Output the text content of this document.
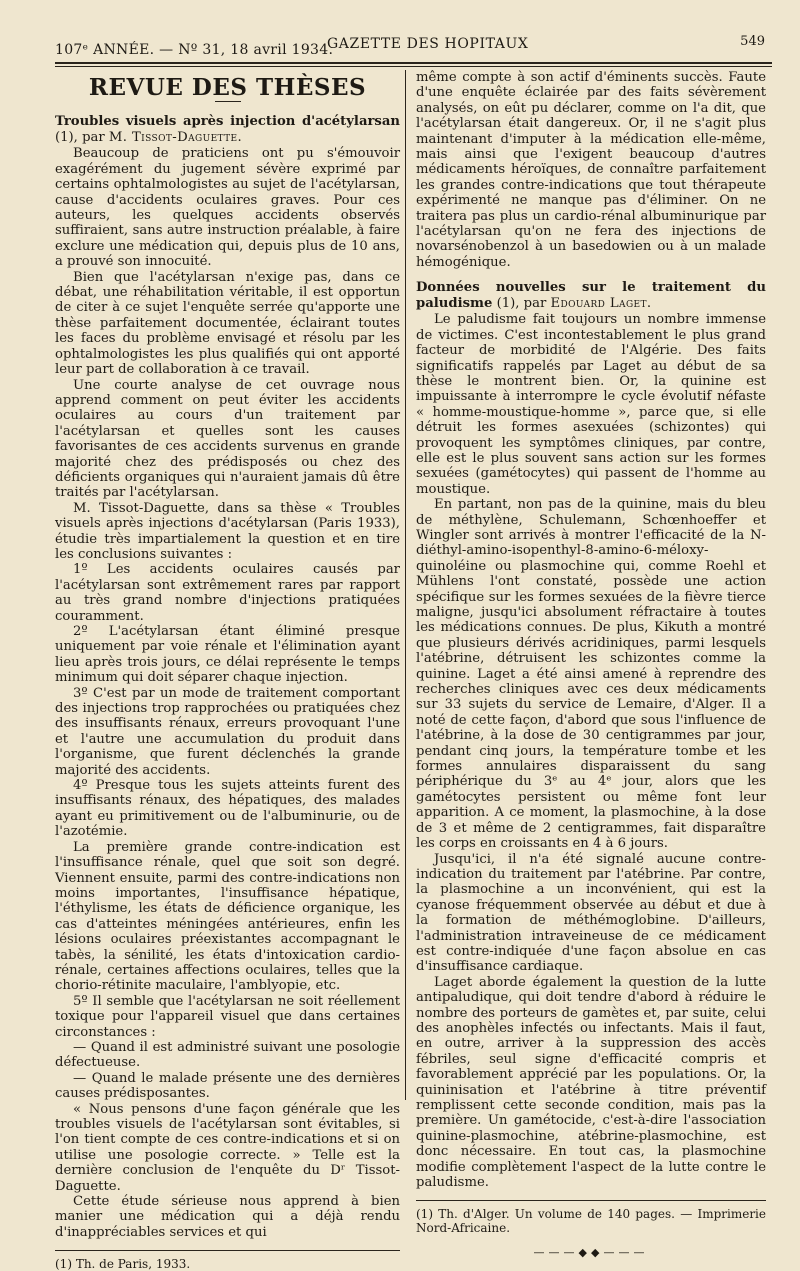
107ᵉ ANNÉE. — Nº 31, 18 avril 1934.
GAZETTE DES HOPITAUX	549
REVUE DES THÈSES

Troubles visuels après injection d'acétylarsan (1), par M. Tissot-Daguette.

Beaucoup de praticiens ont pu s'émouvoir exagérément du jugement sévère exprimé par certains ophtalmologistes au sujet de l'acétylarsan, cause d'accidents oculaires graves. Pour ces auteurs, les quelques accidents observés suffiraient, sans autre instruction préalable, à faire exclure une médication qui, depuis plus de 10 ans, a prouvé son innocuité.

Bien que l'acétylarsan n'exige pas, dans ce débat, une réhabilitation véritable, il est opportun de citer à ce sujet l'enquête serrée qu'apporte une thèse parfaitement documentée, éclairant toutes les faces du problème envisagé et résolu par les ophtalmologistes les plus qualifiés qui ont apporté leur part de collaboration à ce travail.

Une courte analyse de cet ouvrage nous apprend comment on peut éviter les accidents oculaires au cours d'un traitement par l'acétylarsan et quelles sont les causes favorisantes de ces accidents survenus en grande majorité chez des prédisposés ou chez des déficients organiques qui n'auraient jamais dû être traités par l'acétylarsan.

M. Tissot-Daguette, dans sa thèse « Troubles visuels après injections d'acétylarsan (Paris 1933), étudie très impartialement la question et en tire les conclusions suivantes :

1º Les accidents oculaires causés par l'acétylarsan sont extrêmement rares par rapport au très grand nombre d'injections pratiquées couramment.

2º L'acétylarsan étant éliminé presque uniquement par voie rénale et l'élimination ayant lieu après trois jours, ce délai représente le temps minimum qui doit séparer chaque injection.

3º C'est par un mode de traitement comportant des injections trop rapprochées ou pratiquées chez des insuffisants rénaux, erreurs provoquant l'une et l'autre une accumulation du produit dans l'organisme, que furent déclenchés la grande majorité des accidents.

4º Presque tous les sujets atteints furent des insuffisants rénaux, des hépatiques, des malades ayant eu primitivement ou de l'albuminurie, ou de l'azotémie.

La première grande contre-indication est l'insuffisance rénale, quel que soit son degré. Viennent ensuite, parmi des contre-indications non moins importantes, l'insuffisance hépatique, l'éthylisme, les états de déficience organique, les cas d'atteintes méningées antérieures, enfin les lésions oculaires préexistantes accompagnant le tabès, la sénilité, les états d'intoxication cardio-rénale, certaines affections oculaires, telles que la chorio-rétinite maculaire, l'amblyopie, etc.

5º Il semble que l'acétylarsan ne soit réellement toxique pour l'appareil visuel que dans certaines circonstances :

— Quand il est administré suivant une posologie défectueuse.

— Quand le malade présente une des dernières causes prédisposantes.

« Nous pensons d'une façon générale que les troubles visuels de l'acétylarsan sont évitables, si l'on tient compte de ces contre-indications et si on utilise une posologie correcte. » Telle est la dernière conclusion de l'enquête du Dʳ Tissot-Daguette.

Cette étude sérieuse nous apprend à bien manier une médication qui a déjà rendu d'inappréciables services et qui

(1) Th. de Paris, 1933.

même compte à son actif d'éminents succès. Faute d'une enquête éclairée par des faits sévèrement analysés, on eût pu déclarer, comme on l'a dit, que l'acétylarsan était dangereux. Or, il ne s'agit plus maintenant d'imputer à la médication elle-même, mais ainsi que l'exigent beaucoup d'autres médicaments héroïques, de connaître parfaitement les grandes contre-indications que tout thérapeute expérimenté ne manque pas d'éliminer. On ne traitera pas plus un cardio-rénal albuminurique par l'acétylarsan qu'on ne fera des injections de novarsénobenzol à un basedowien ou à un malade hémogénique.

Données nouvelles sur le traitement du paludisme (1), par Edouard Laget.

Le paludisme fait toujours un nombre immense de victimes. C'est incontestablement le plus grand facteur de morbidité de l'Algérie. Des faits significatifs rappelés par Laget au début de sa thèse le montrent bien. Or, la quinine est impuissante à interrompre le cycle évolutif néfaste « homme-moustique-homme », parce que, si elle détruit les formes asexuées (schizontes) qui provoquent les symptômes cliniques, par contre, elle est le plus souvent sans action sur les formes sexuées (gamétocytes) qui passent de l'homme au moustique.

En partant, non pas de la quinine, mais du bleu de méthylène, Schulemann, Schœnhoeffer et Wingler sont arrivés à montrer l'efficacité de la N-diéthyl-amino-isopenthyl-8-amino-6-méloxy-quinoléine ou plasmochine qui, comme Roehl et Mühlens l'ont constaté, possède une action spécifique sur les formes sexuées de la fièvre tierce maligne, jusqu'ici absolument réfractaire à toutes les médications connues. De plus, Kikuth a montré que plusieurs dérivés acridiniques, parmi lesquels l'atébrine, détruisent les schizontes comme la quinine. Laget a été ainsi amené à reprendre des recherches cliniques avec ces deux médicaments sur 33 sujets du service de Lemaire, d'Alger. Il a noté de cette façon, d'abord que sous l'influence de l'atébrine, à la dose de 30 centigrammes par jour, pendant cinq jours, la température tombe et les formes annulaires disparaissent du sang périphérique du 3ᵉ au 4ᵉ jour, alors que les gamétocytes persistent ou même font leur apparition. A ce moment, la plasmochine, à la dose de 3 et même de 2 centigrammes, fait disparaître les corps en croissants en 4 à 6 jours.

Jusqu'ici, il n'a été signalé aucune contre-indication du traitement par l'atébrine. Par contre, la plasmochine a un inconvénient, qui est la cyanose fréquemment observée au début et due à la formation de méthémoglobine. D'ailleurs, l'administration intraveineuse de ce médicament est contre-indiquée d'une façon absolue en cas d'insuffisance cardiaque.

Laget aborde également la question de la lutte antipaludique, qui doit tendre d'abord à réduire le nombre des porteurs de gamètes et, par suite, celui des anophèles infectés ou infectants. Mais il faut, en outre, arriver à la suppression des accès fébriles, seul signe d'efficacité compris et favorablement apprécié par les populations. Or, la quininisation et l'atébrine à titre préventif remplissent cette seconde condition, mais pas la première. Un gamétocide, c'est-à-dire l'association quinine-plasmochine, atébrine-plasmochine, est donc nécessaire. En tout cas, la plasmochine modifie complètement l'aspect de la lutte contre le paludisme.

(1) Th. d'Alger. Un volume de 140 pages. — Imprimerie Nord-Africaine.

———◆◆———
